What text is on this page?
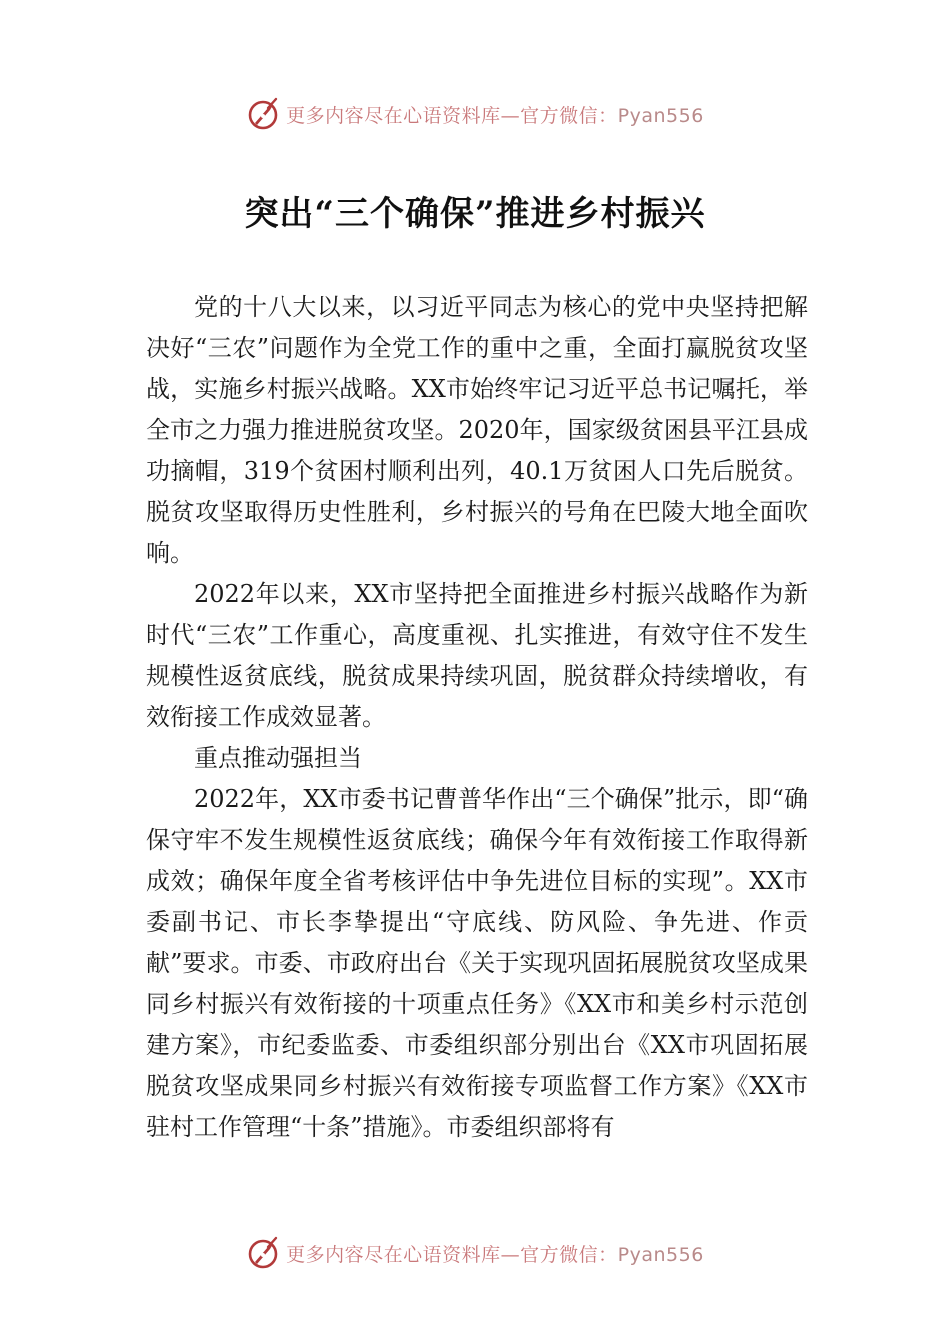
更多内容尽在心语资料库—官方微信：Pyan556
突出“三个确保”推进乡村振兴

党的十八大以来，以习近平同志为核心的党中央坚持把解决好“三农”问题作为全党工作的重中之重，全面打赢脱贫攻坚战，实施乡村振兴战略。XX市始终牢记习近平总书记嘱托，举全市之力强力推进脱贫攻坚。2020年，国家级贫困县平江县成功摘帽，319个贫困村顺利出列，40.1万贫困人口先后脱贫。脱贫攻坚取得历史性胜利，乡村振兴的号角在巴陵大地全面吹响。

2022年以来，XX市坚持把全面推进乡村振兴战略作为新时代“三农”工作重心，高度重视、扎实推进，有效守住不发生规模性返贫底线，脱贫成果持续巩固，脱贫群众持续增收，有效衔接工作成效显著。

重点推动强担当

2022年，XX市委书记曹普华作出“三个确保”批示，即“确保守牢不发生规模性返贫底线；确保今年有效衔接工作取得新成效；确保年度全省考核评估中争先进位目标的实现”。XX市委副书记、市长李挚提出“守底线、防风险、争先进、作贡献”要求。市委、市政府出台《关于实现巩固拓展脱贫攻坚成果同乡村振兴有效衔接的十项重点任务》《XX市和美乡村示范创建方案》，市纪委监委、市委组织部分别出台《XX市巩固拓展脱贫攻坚成果同乡村振兴有效衔接专项监督工作方案》《XX市驻村工作管理“十条”措施》。市委组织部将有

更多内容尽在心语资料库—官方微信：Pyan556
